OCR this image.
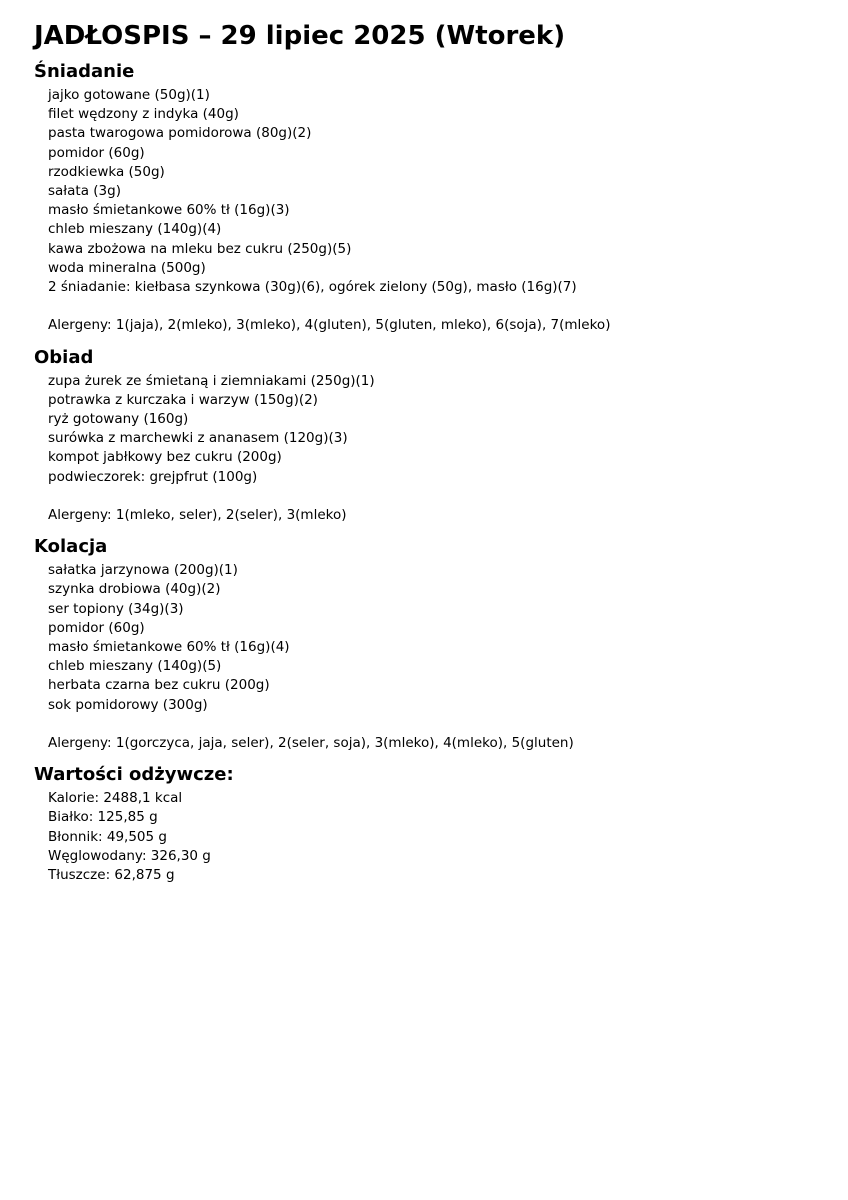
JADŁOSPIS – 29 lipiec 2025 (Wtorek)
Śniadanie
jajko gotowane (50g)(1)
filet wędzony z indyka (40g)
pasta twarogowa pomidorowa (80g)(2)
pomidor (60g)
rzodkiewka (50g)
sałata (3g)
masło śmietankowe 60% tł (16g)(3)
chleb mieszany (140g)(4)
kawa zbożowa na mleku bez cukru (250g)(5)
woda mineralna (500g)
2 śniadanie: kiełbasa szynkowa (30g)(6), ogórek zielony (50g), masło (16g)(7)
Alergeny: 1(jaja), 2(mleko), 3(mleko), 4(gluten), 5(gluten, mleko), 6(soja), 7(mleko)
Obiad
zupa żurek ze śmietaną i ziemniakami (250g)(1)
potrawka z kurczaka i warzyw (150g)(2)
ryż gotowany (160g)
surówka z marchewki z ananasem (120g)(3)
kompot jabłkowy bez cukru (200g)
podwieczorek: grejpfrut (100g)
Alergeny: 1(mleko, seler), 2(seler), 3(mleko)
Kolacja
sałatka jarzynowa (200g)(1)
szynka drobiowa (40g)(2)
ser topiony (34g)(3)
pomidor (60g)
masło śmietankowe 60% tł (16g)(4)
chleb mieszany (140g)(5)
herbata czarna bez cukru (200g)
sok pomidorowy (300g)
Alergeny: 1(gorczyca, jaja, seler), 2(seler, soja), 3(mleko), 4(mleko), 5(gluten)
Wartości odżywcze:
Kalorie: 2488,1 kcal
Białko: 125,85 g
Błonnik: 49,505 g
Węglowodany: 326,30 g
Tłuszcze: 62,875 g
